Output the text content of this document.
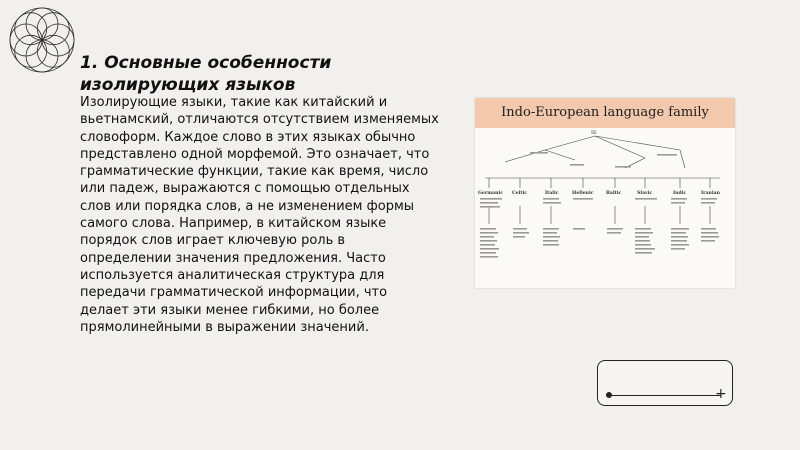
1. Основные особенности
изолирующих языков

Изолирующие языки, такие как китайский и вьетнамский, отличаются отсутствием изменяемых словоформ. Каждое слово в этих языках обычно представлено одной морфемой. Это означает, что грамматические функции, такие как время, число или падеж, выражаются с помощью отдельных слов или порядка слов, а не изменением формы самого слова. Например, в китайском языке порядок слов играет ключевую роль в определении значения предложения. Часто используется аналитическая структура для передачи грамматической информации, что делает эти языки менее гибкими, но более прямолинейными в выражении значений.

Indo-European language family
IE
Germanic Celtic	Italic	Hellenic	Baltic	Slavic	Indic	Iranian
+
